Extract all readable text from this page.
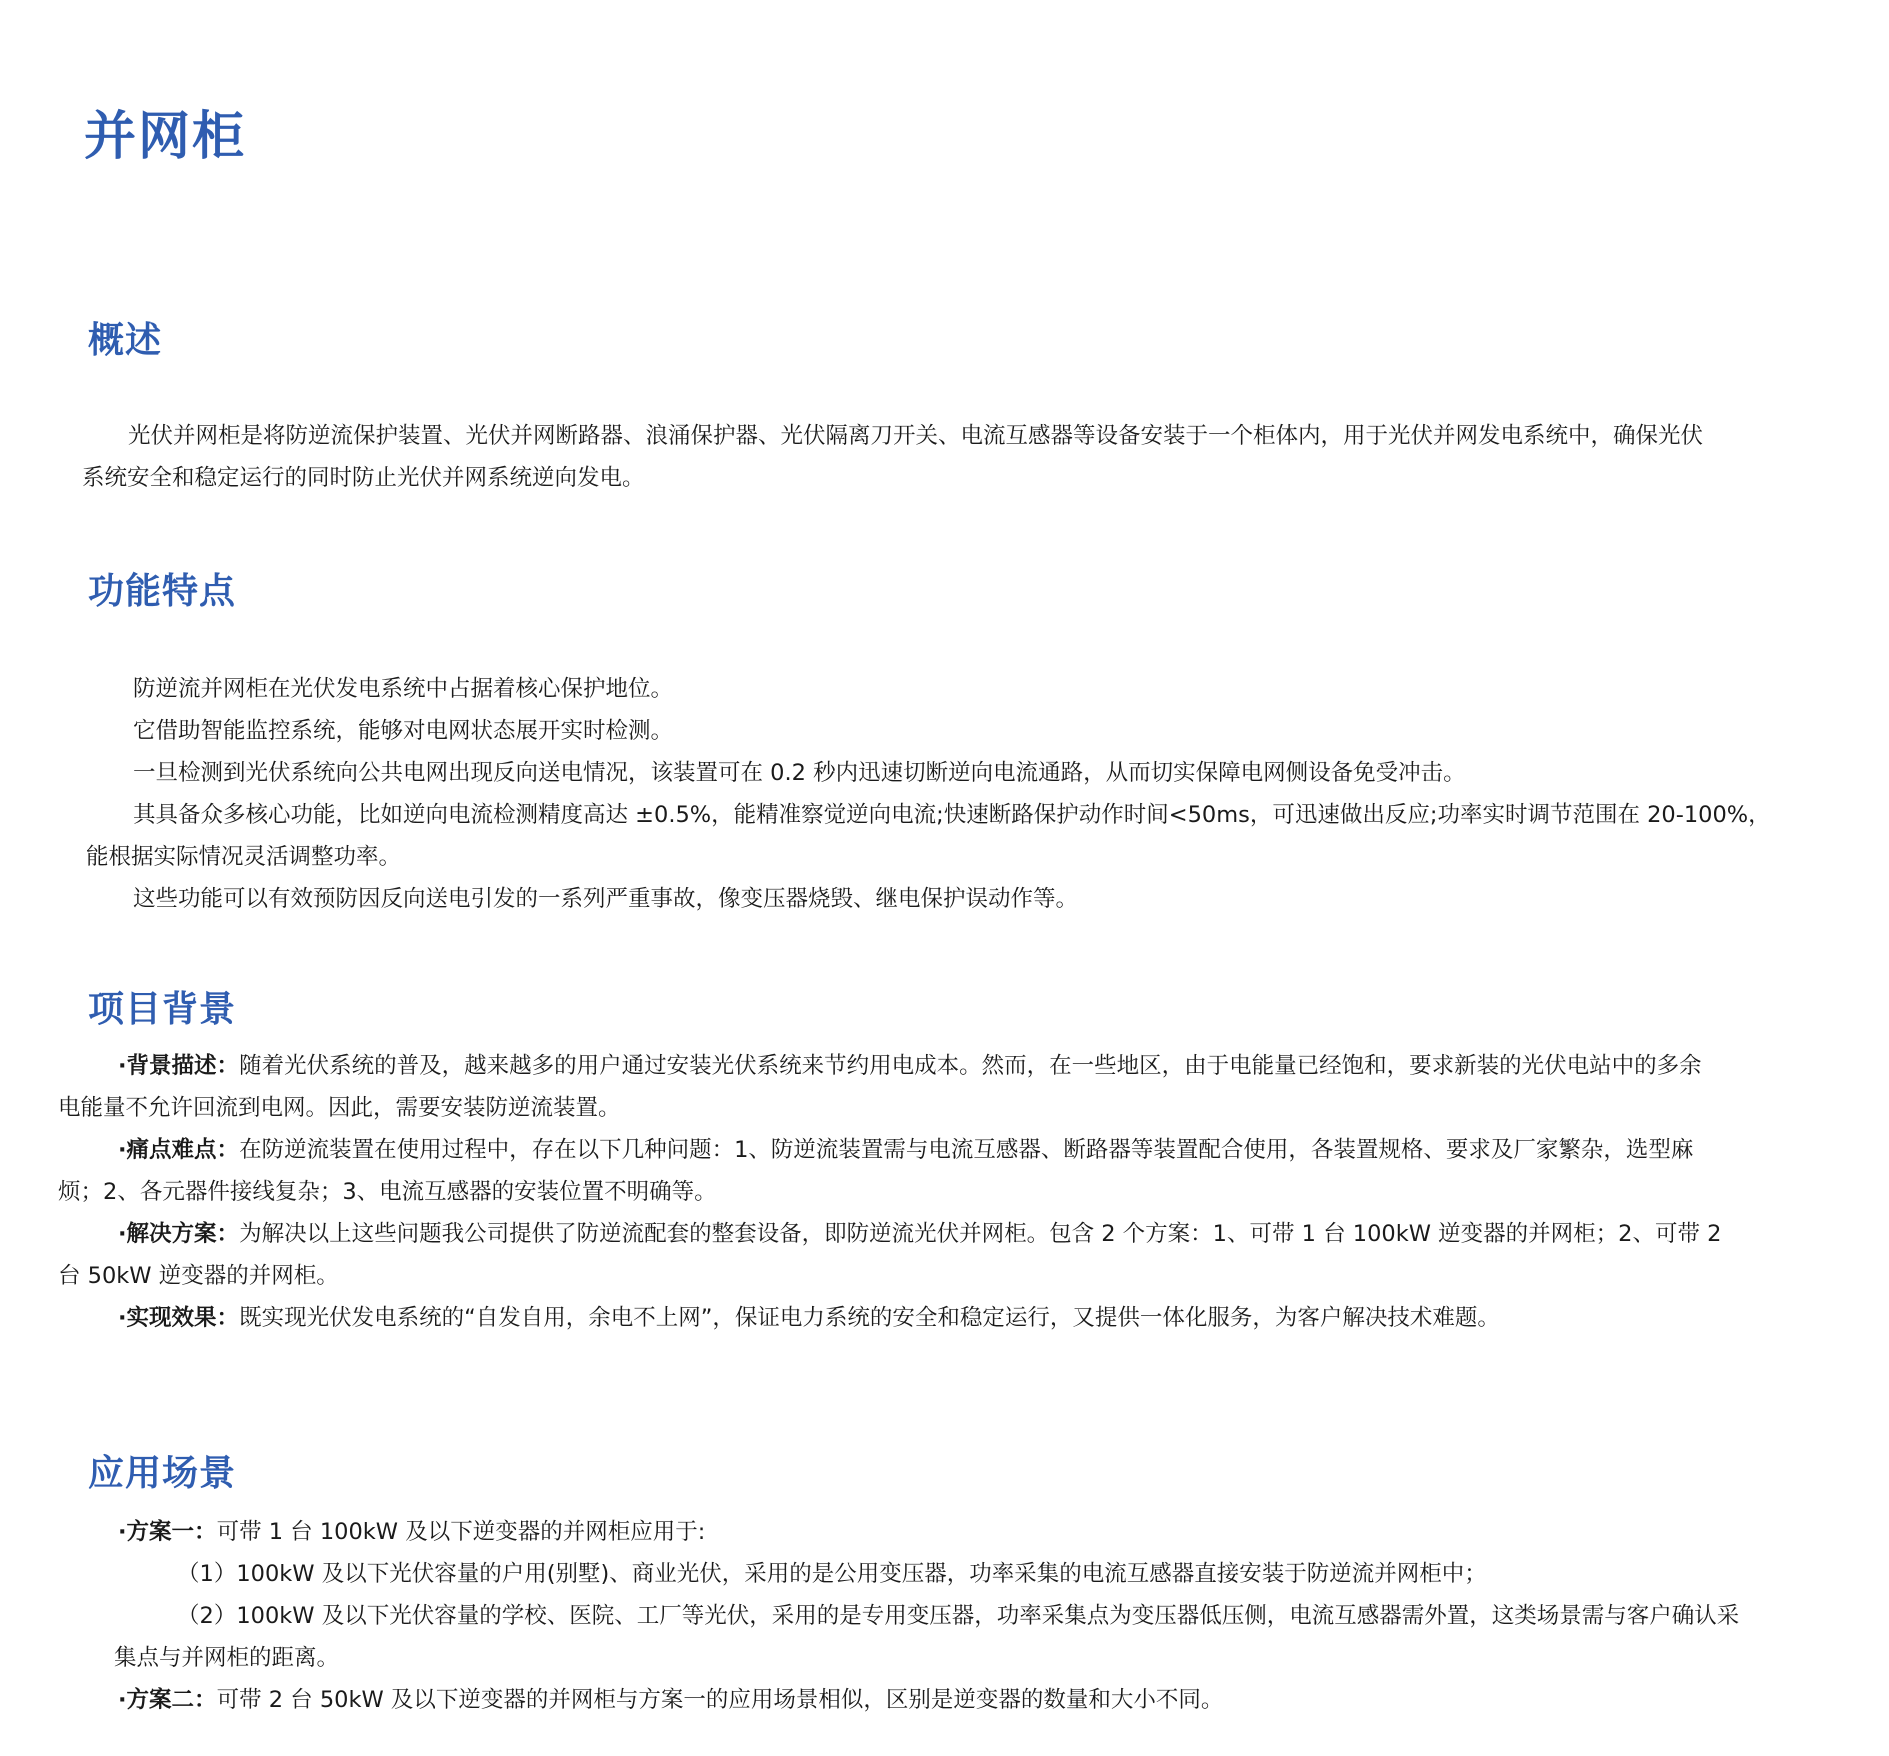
并网柜
概述
光伏并网柜是将防逆流保护装置、光伏并网断路器、浪涌保护器、光伏隔离刀开关、电流互感器等设备安装于一个柜体内，用于光伏并网发电系统中，确保光伏
系统安全和稳定运行的同时防止光伏并网系统逆向发电。
功能特点
防逆流并网柜在光伏发电系统中占据着核心保护地位。
它借助智能监控系统，能够对电网状态展开实时检测。
一旦检测到光伏系统向公共电网出现反向送电情况，该装置可在 0.2 秒内迅速切断逆向电流通路，从而切实保障电网侧设备免受冲击。
其具备众多核心功能，比如逆向电流检测精度高达 ±0.5%，能精准察觉逆向电流;快速断路保护动作时间<50ms，可迅速做出反应;功率实时调节范围在 20-100%，
能根据实际情况灵活调整功率。
这些功能可以有效预防因反向送电引发的一系列严重事故，像变压器烧毁、继电保护误动作等。
项目背景
·背景描述：随着光伏系统的普及，越来越多的用户通过安装光伏系统来节约用电成本。然而，在一些地区，由于电能量已经饱和，要求新装的光伏电站中的多余
电能量不允许回流到电网。因此，需要安装防逆流装置。
·痛点难点：在防逆流装置在使用过程中，存在以下几种问题：1、防逆流装置需与电流互感器、断路器等装置配合使用，各装置规格、要求及厂家繁杂，选型麻
烦；2、各元器件接线复杂；3、电流互感器的安装位置不明确等。
·解决方案：为解决以上这些问题我公司提供了防逆流配套的整套设备，即防逆流光伏并网柜。包含 2 个方案：1、可带 1 台 100kW 逆变器的并网柜；2、可带 2
台 50kW 逆变器的并网柜。
·实现效果：既实现光伏发电系统的“自发自用，余电不上网”，保证电力系统的安全和稳定运行，又提供一体化服务，为客户解决技术难题。
应用场景
·方案一：可带 1 台 100kW 及以下逆变器的并网柜应用于:
（1）100kW 及以下光伏容量的户用(别墅)、商业光伏，采用的是公用变压器，功率采集的电流互感器直接安装于防逆流并网柜中；
（2）100kW 及以下光伏容量的学校、医院、工厂等光伏，采用的是专用变压器，功率采集点为变压器低压侧，电流互感器需外置，这类场景需与客户确认采
集点与并网柜的距离。
·方案二：可带 2 台 50kW 及以下逆变器的并网柜与方案一的应用场景相似，区别是逆变器的数量和大小不同。
